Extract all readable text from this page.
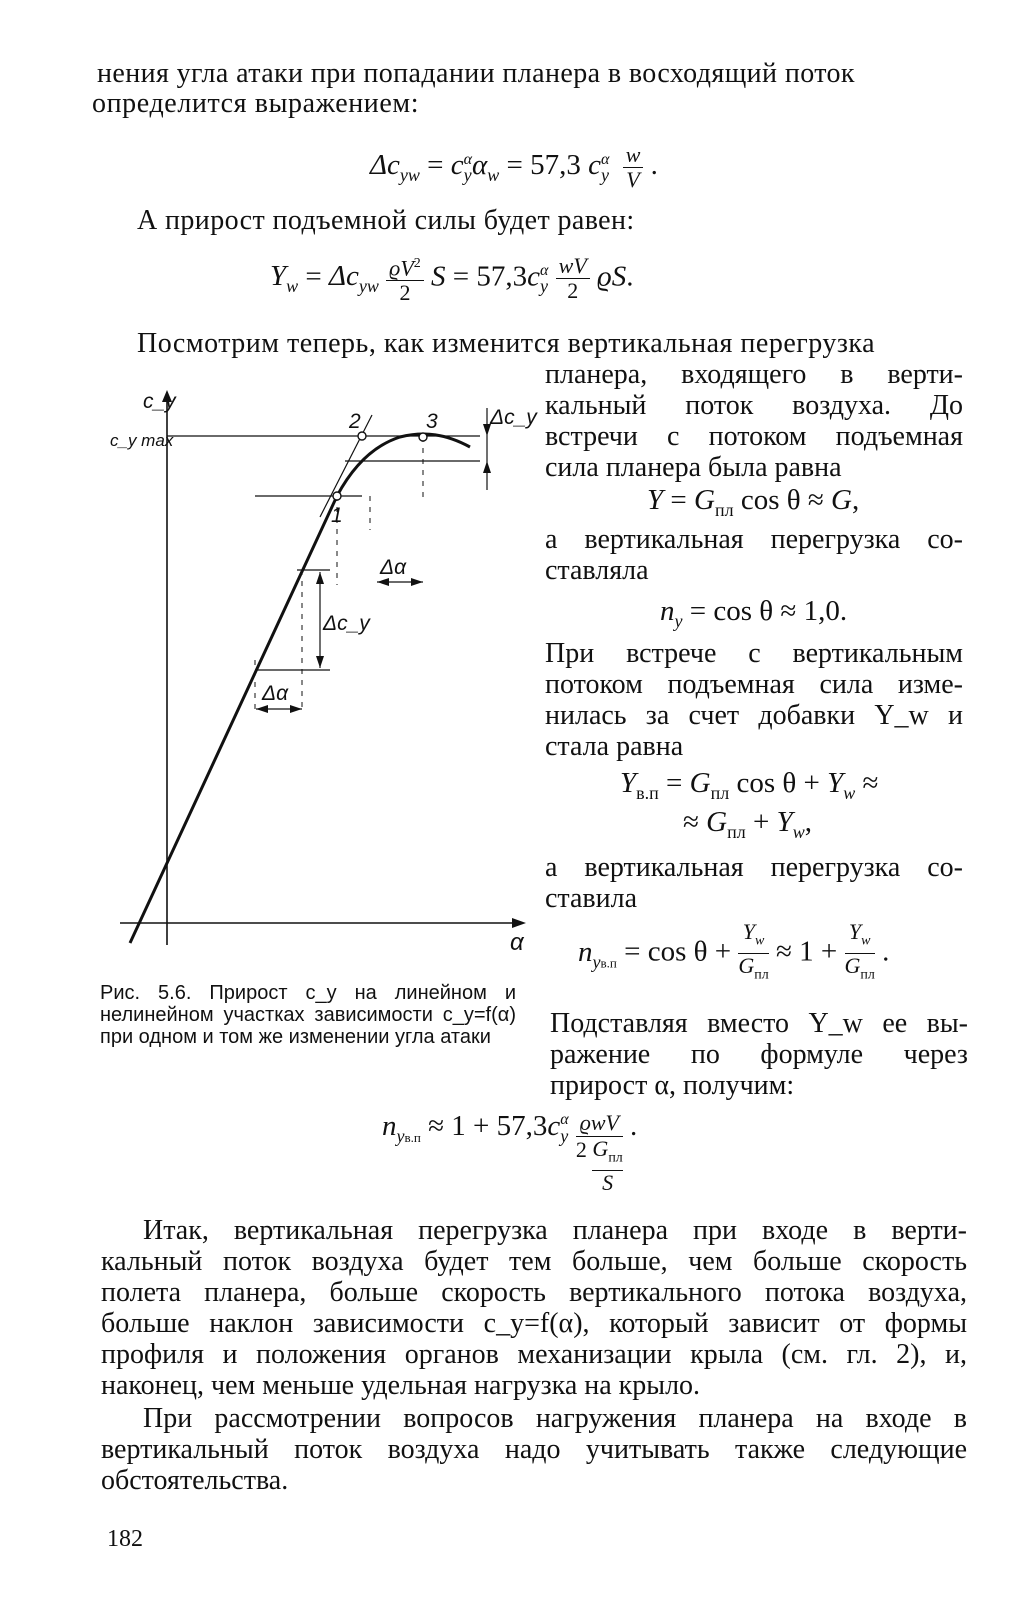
нения угла атаки при попадании планера в восходящий поток
определится выражением:
$\Delta c_{yw} = c_y^\alpha\alpha_w = 57,3$ $c_y^\alpha \frac{w}{V}$ .
А прирост подъемной силы будет равен:
$Y_w = \Delta c_{yw} \frac{ϱV^2}{2}$ $S = 57,3c_y^\alpha \frac{wV}{2} ϱS$.
Посмотрим теперь, как изменится вертикальная перегрузка
планера, входящего в верти-
кальный поток воздуха. До
встречи с потоком подъемная
сила планера была равна
$Y = G_{пл}$ cos θ ≈ G,
а вертикальная перегрузка со-
ставляла
$n_y = \cos \theta \approx 1,0$.
При встрече с вертикальным
потоком подъемная сила изме-
нилась за счет добавки Y_w и
стала равна
$Y_{в.п} = G_{пл}$ $\cos \theta + Y_w$ ≈
≈ $G_{пл} + Y_w$,
а вертикальная перегрузка со-
ставила
$n_{yв.п} = \cos \theta$ +
$Y_w$
$G_{пл}$
≈ 1 +
$Y_w$
$G_{пл}$
.
c_y
c_y max
α
2	3
1
Δc_y
Δc_y
Δα
Δα
Рис. 5.6. Прирост c_y на линейном и нелинейном участках зависимости c_y=f(α) при одном и том же изменении угла атаки	Подставляя вместо Y_w ее вы-
ражение по формуле через
прирост α, получим:
$n_{yв.п} \approx 1 + 57,3c_y^\alpha$ ϱwV
2 $G_{пл}$
S
.
Итак, вертикальная перегрузка планера при входе в верти-
кальный поток воздуха будет тем больше, чем больше скорость
полета планера, больше скорость вертикального потока воздуха,
больше наклон зависимости c_y=f(α), который зависит от формы
профиля и положения органов механизации крыла (см. гл. 2), и,
наконец, чем меньше удельная нагрузка на крыло.
При рассмотрении вопросов нагружения планера на входе в
вертикальный поток воздуха надо учитывать также следующие
обстоятельства.
182
